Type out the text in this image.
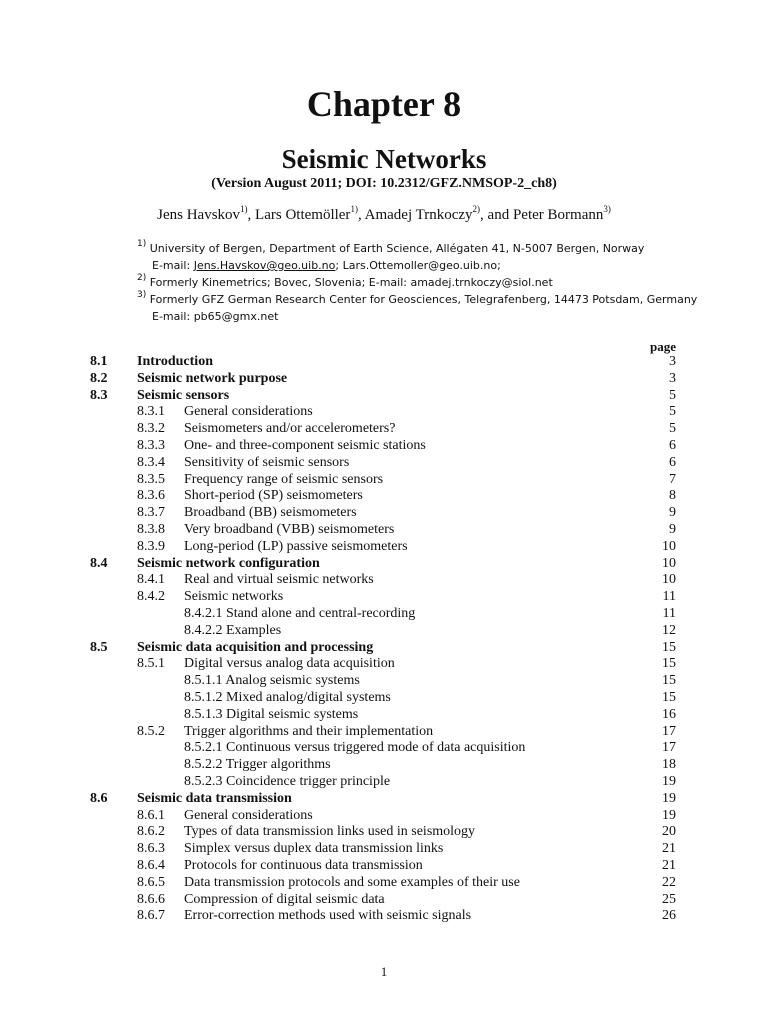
Chapter 8
Seismic Networks
(Version August 2011; DOI: 10.2312/GFZ.NMSOP-2_ch8)
Jens Havskov$^{1)}$, Lars Ottemöller$^{1)}$, Amadej Trnkoczy$^{2)}$, and Peter Bormann$^{3)}$
$^{1)}$ University of Bergen, Department of Earth Science, Allégaten 41, N-5007 Bergen, Norway
E-mail: Jens.Havskov@geo.uib.no; Lars.Ottemoller@geo.uib.no;
$^{2)}$ Formerly Kinemetrics; Bovec, Slovenia; E-mail: amadej.trnkoczy@siol.net
$^{3)}$ Formerly GFZ German Research Center for Geosciences, Telegrafenberg, 14473 Potsdam, Germany
E-mail: pb65@gmx.net
page
8.1 Introduction	3
8.2 Seismic network purpose	3
8.3 Seismic sensors	5
8.3.1 General considerations	5
8.3.2 Seismometers and/or accelerometers?	5
8.3.3 One- and three-component seismic stations	6
8.3.4 Sensitivity of seismic sensors	6
8.3.5 Frequency range of seismic sensors	7
8.3.6 Short-period (SP) seismometers	8
8.3.7 Broadband (BB) seismometers	9
8.3.8 Very broadband (VBB) seismometers	9
8.3.9 Long-period (LP) passive seismometers	10
8.4 Seismic network configuration	10
8.4.1 Real and virtual seismic networks	10
8.4.2 Seismic networks	11
8.4.2.1 Stand alone and central-recording	11
8.4.2.2 Examples	12
8.5 Seismic data acquisition and processing	15
8.5.1 Digital versus analog data acquisition	15
8.5.1.1 Analog seismic systems	15
8.5.1.2 Mixed analog/digital systems	15
8.5.1.3 Digital seismic systems	16
8.5.2 Trigger algorithms and their implementation	17
8.5.2.1 Continuous versus triggered mode of data acquisition	17
8.5.2.2 Trigger algorithms	18
8.5.2.3 Coincidence trigger principle	19
8.6 Seismic data transmission	19
8.6.1 General considerations	19
8.6.2 Types of data transmission links used in seismology	20
8.6.3 Simplex versus duplex data transmission links	21
8.6.4 Protocols for continuous data transmission	21
8.6.5 Data transmission protocols and some examples of their use	22
8.6.6 Compression of digital seismic data	25
8.6.7 Error-correction methods used with seismic signals	26
1
